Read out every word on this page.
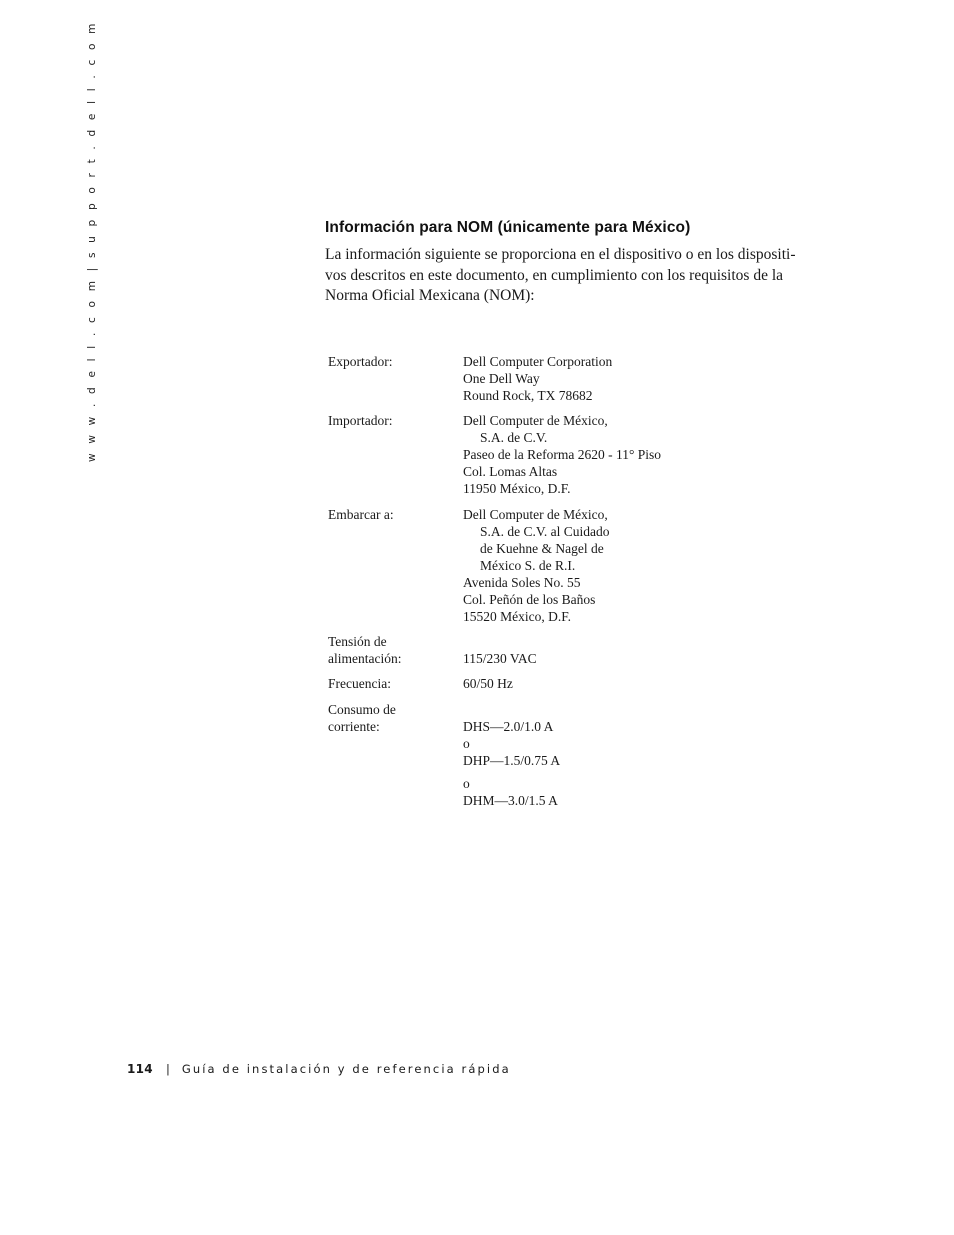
w w w . d e l l . c o m | s u p p o r t . d e l l . c o m	Información para NOM (únicamente para México)

La información siguiente se proporciona en el dispositivo o en los dispositi-
vos descritos en este documento, en cumplimiento con los requisitos de la
Norma Oficial Mexicana (NOM):

Exportador:	Dell Computer Corporation
One Dell Way
Round Rock, TX 78682
Importador:	Dell Computer de México,
S.A. de C.V.
Paseo de la Reforma 2620 - 11° Piso
Col. Lomas Altas
11950 México, D.F.
Embarcar a:	Dell Computer de México,
S.A. de C.V. al Cuidado
de Kuehne & Nagel de
México S. de R.I.
Avenida Soles No. 55
Col. Peñón de los Baños
15520 México, D.F.
Tensión de
alimentación:	115/230 VAC
Frecuencia:	60/50 Hz
Consumo de
corriente:	DHS—2.0/1.0 A
o
DHP—1.5/0.75 A
o
DHM—3.0/1.5 A
114 | Guía de instalación y de referencia rápida
